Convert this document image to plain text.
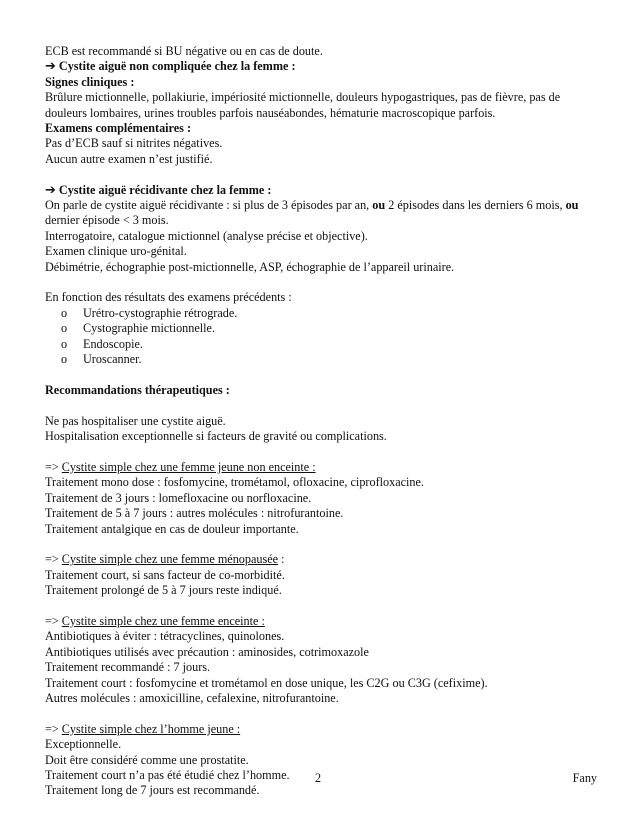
ECB est recommandé si BU négative ou en cas de doute.
➔ Cystite aiguë non compliquée chez la femme :
Signes cliniques :
Brûlure mictionnelle, pollakiurie, impériosité mictionnelle, douleurs hypogastriques, pas de fièvre, pas de douleurs lombaires, urines troubles parfois nauséabondes, hématurie macroscopique parfois.
Examens complémentaires :
Pas d’ECB sauf si nitrites négatives.
Aucun autre examen n’est justifié.
➔ Cystite aiguë récidivante chez la femme :
On parle de cystite aiguë récidivante : si plus de 3 épisodes par an, ou 2 épisodes dans les derniers 6 mois, ou dernier épisode < 3 mois.
Interrogatoire, catalogue mictionnel (analyse précise et objective).
Examen clinique uro-génital.
Débimétrie, échographie post-mictionnelle, ASP, échographie de l’appareil urinaire.
En fonction des résultats des examens précédents :
o Urétro-cystographie rétrograde.
o Cystographie mictionnelle.
o Endoscopie.
o Uroscanner.
Recommandations thérapeutiques :
Ne pas hospitaliser une cystite aiguë.
Hospitalisation exceptionnelle si facteurs de gravité ou complications.
=> Cystite simple chez une femme jeune non enceinte :
Traitement mono dose : fosfomycine, trométamol, ofloxacine, ciprofloxacine.
Traitement de 3 jours : lomefloxacine ou norfloxacine.
Traitement de 5 à 7 jours : autres molécules : nitrofurantoine.
Traitement antalgique en cas de douleur importante.
=> Cystite simple chez une femme ménopausée :
Traitement court, si sans facteur de co-morbidité.
Traitement prolongé de 5 à 7 jours reste indiqué.
=> Cystite simple chez une femme enceinte :
Antibiotiques à éviter : tétracyclines, quinolones.
Antibiotiques utilisés avec précaution : aminosides, cotrimoxazole
Traitement recommandé : 7 jours.
Traitement court : fosfomycine et trométamol en dose unique, les C2G ou C3G (cefixime).
Autres molécules : amoxicilline, cefalexine, nitrofurantoine.
=> Cystite simple chez l’homme jeune :
Exceptionnelle.
Doit être considéré comme une prostatite.
Traitement court n’a pas été étudié chez l’homme.
Traitement long de 7 jours est recommandé.
2	Fany
